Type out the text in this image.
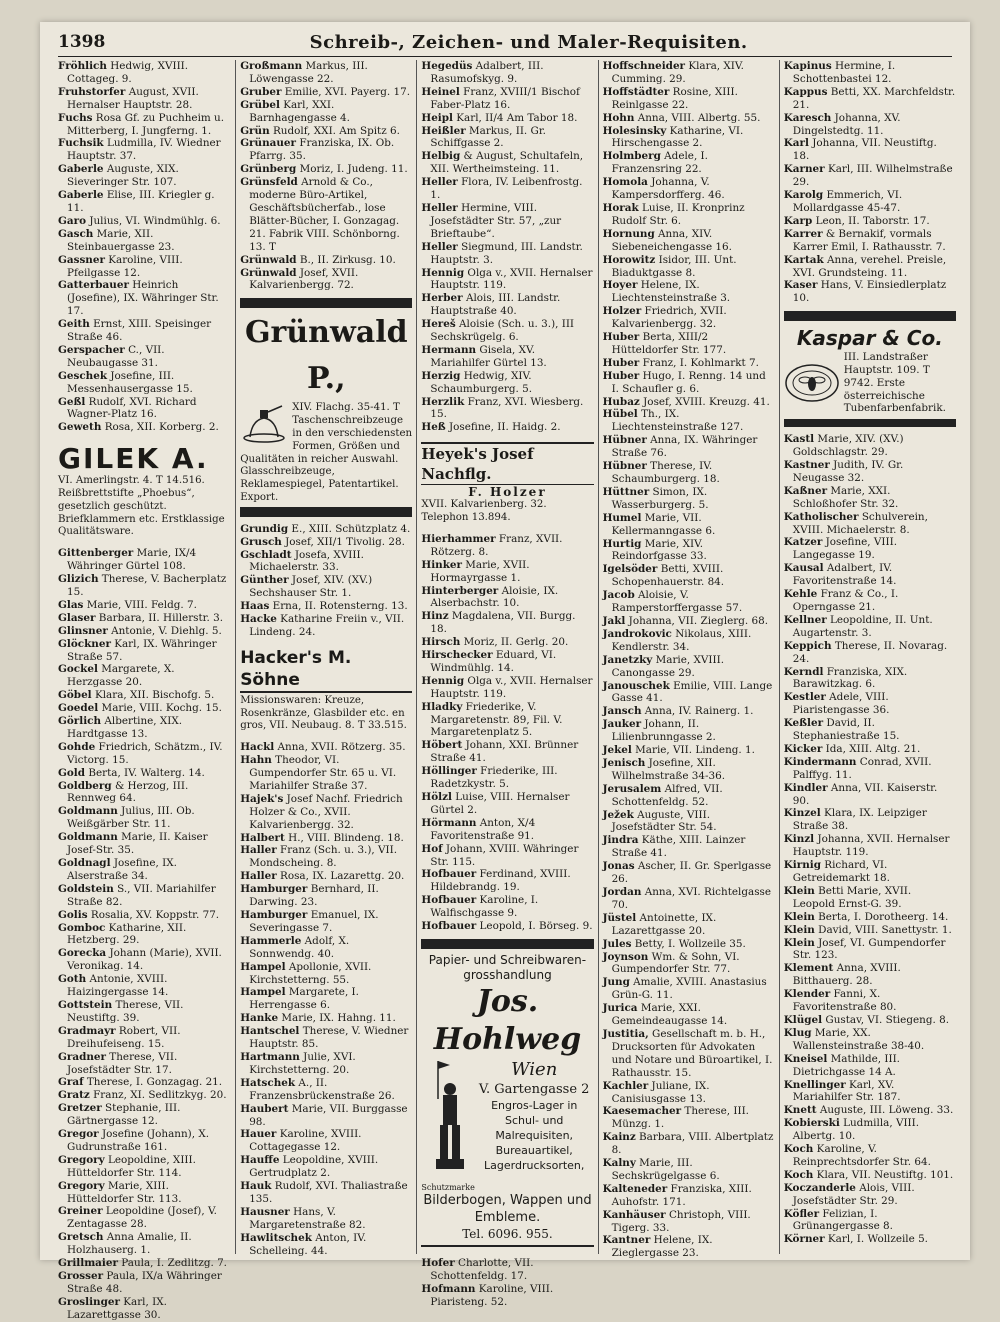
1398	Schreib-, Zeichen- und Maler-Requisiten.

Fröhlich Hedwig, XVIII. Cottageg. 9.

Fruhstorfer August, XVII. Hernalser Hauptstr. 28.

Fuchs Rosa Gf. zu Puchheim u. Mitterberg, I. Jungferng. 1.

Fuchsik Ludmilla, IV. Wiedner Hauptstr. 37.

Gaberle Auguste, XIX. Sieveringer Str. 107.

Gaberle Elise, III. Kriegler g. 11.

Garo Julius, VI. Windmühlg. 6.

Gasch Marie, XII. Steinbauergasse 23.

Gassner Karoline, VIII. Pfeilgasse 12.

Gatterbauer Heinrich (Josefine), IX. Währinger Str. 17.

Geith Ernst, XIII. Speisinger Straße 46.

Gerspacher C., VII. Neubaugasse 31.

Geschek Josefine, III. Messenhausergasse 15.

Geßl Rudolf, XVI. Richard Wagner-Platz 16.

Geweth Rosa, XII. Korberg. 2.

GILEK A.
VI. Amerlingstr. 4. T 14.516. Reißbrettstifte „Phoebus“, gesetzlich geschützt. Briefklammern etc. Erstklassige Qualitätsware.

Gittenberger Marie, IX/4 Währinger Gürtel 108.

Glizich Therese, V. Bacherplatz 15.

Glas Marie, VIII. Feldg. 7.

Glaser Barbara, II. Hillerstr. 3.

Glinsner Antonie, V. Diehlg. 5.

Glöckner Karl, IX. Währinger Straße 57.

Gockel Margarete, X. Herzgasse 20.

Göbel Klara, XII. Bischofg. 5.

Goedel Marie, VIII. Kochg. 15.

Görlich Albertine, XIX. Hardtgasse 13.

Gohde Friedrich, Schätzm., IV. Victorg. 15.

Gold Berta, IV. Walterg. 14.

Goldberg & Herzog, III. Rennweg 64.

Goldmann Julius, III. Ob. Weißgärber Str. 11.

Goldmann Marie, II. Kaiser Josef-Str. 35.

Goldnagl Josefine, IX. Alserstraße 34.

Goldstein S., VII. Mariahilfer Straße 82.

Golis Rosalia, XV. Koppstr. 77.

Gomboc Katharine, XII. Hetzberg. 29.

Gorecka Johann (Marie), XVII. Veronikag. 14.

Goth Antonie, XVIII. Haizingergasse 14.

Gottstein Therese, VII. Neustiftg. 39.

Gradmayr Robert, VII. Dreihufeiseng. 15.

Gradner Therese, VII. Josefstädter Str. 17.

Graf Therese, I. Gonzagag. 21.

Gratz Franz, XI. Sedlitzkyg. 20.

Gretzer Stephanie, III. Gärtnergasse 12.

Gregor Josefine (Johann), X. Gudrunstraße 161.

Gregory Leopoldine, XIII. Hütteldorfer Str. 114.

Gregory Marie, XIII. Hütteldorfer Str. 113.

Greiner Leopoldine (Josef), V. Zentagasse 28.

Gretsch Anna Amalie, II. Holzhauserg. 1.

Grillmaier Paula, I. Zedlitzg. 7.

Grosser Paula, IX/a Währinger Straße 48.

Groslinger Karl, IX. Lazarettgasse 30.

Großmann Markus, III. Löwengasse 22.

Gruber Emilie, XVI. Payerg. 17.

Grübel Karl, XXI. Barnhagengasse 4.

Grün Rudolf, XXI. Am Spitz 6.

Grünauer Franziska, IX. Ob. Pfarrg. 35.

Grünberg Moriz, I. Judeng. 11.

Grünsfeld Arnold & Co., moderne Büro-Artikel, Geschäftsbücherfab., lose Blätter-Bücher, I. Gonzagag. 21. Fabrik VIII. Schönborng. 13. T

Grünwald B., II. Zirkusg. 10.

Grünwald Josef, XVII. Kalvarienbergg. 72.

Grünwald P.,
XIV. Flachg. 35-41. T Taschenschreibzeuge in den verschiedensten Formen, Größen und Qualitäten in reicher Auswahl. Glasschreibzeuge, Reklamespiegel, Patentartikel. Export.

Grundig E., XIII. Schützplatz 4.

Grusch Josef, XII/1 Tivolig. 28.

Gschladt Josefa, XVIII. Michaelerstr. 33.

Günther Josef, XIV. (XV.) Sechshauser Str. 1.

Haas Erna, II. Rotensterng. 13.

Hacke Katharine Freiin v., VII. Lindeng. 24.

Hacker's M. Söhne
Missionswaren: Kreuze, Rosenkränze, Glasbilder etc. en gros, VII. Neubaug. 8. T 33.515.

Hackl Anna, XVII. Rötzerg. 35.

Hahn Theodor, VI. Gumpendorfer Str. 65 u. VI. Mariahilfer Straße 37.

Hajek's Josef Nachf. Friedrich Holzer & Co., XVII. Kalvarienbergg. 32.

Halbert H., VIII. Blindeng. 18.

Haller Franz (Sch. u. 3.), VII. Mondscheing. 8.

Haller Rosa, IX. Lazarettg. 20.

Hamburger Bernhard, II. Darwing. 23.

Hamburger Emanuel, IX. Severingasse 7.

Hammerle Adolf, X. Sonnwendg. 40.

Hampel Apollonie, XVII. Kirchstetterng. 55.

Hampel Margarete, I. Herrengasse 6.

Hanke Marie, IX. Hahng. 11.

Hantschel Therese, V. Wiedner Hauptstr. 85.

Hartmann Julie, XVI. Kirchstetterng. 20.

Hatschek A., II. Franzensbrückenstraße 26.

Haubert Marie, VII. Burggasse 98.

Hauer Karoline, XVIII. Cottagegasse 12.

Hauffe Leopoldine, XVIII. Gertrudplatz 2.

Hauk Rudolf, XVI. Thaliastraße 135.

Hausner Hans, V. Margaretenstraße 82.

Hawlitschek Anton, IV. Schelleing. 44.

Hegedüs Adalbert, III. Rasumofskyg. 9.

Heinel Franz, XVIII/1 Bischof Faber-Platz 16.

Heipl Karl, II/4 Am Tabor 18.

Heißler Markus, II. Gr. Schiffgasse 2.

Helbig & August, Schultafeln, XII. Wertheimsteing. 11.

Heller Flora, IV. Leibenfrostg. 1.

Heller Hermine, VIII. Josefstädter Str. 57, „zur Brieftaube“.

Heller Siegmund, III. Landstr. Hauptstr. 3.

Hennig Olga v., XVII. Hernalser Hauptstr. 119.

Herber Alois, III. Landstr. Hauptstraße 40.

Hereš Aloisie (Sch. u. 3.), III Sechskrügelg. 6.

Hermann Gisela, XV. Mariahilfer Gürtel 13.

Herzig Hedwig, XIV. Schaumburgerg. 5.

Herzlik Franz, XVI. Wiesberg. 15.

Heß Josefine, II. Haidg. 2.

Heyek's Josef Nachflg.
F. Holzer
XVII. Kalvarienberg. 32. Telephon 13.894.

Hierhammer Franz, XVII. Rötzerg. 8.

Hinker Marie, XVII. Hormayrgasse 1.

Hinterberger Aloisie, IX. Alserbachstr. 10.

Hinz Magdalena, VII. Burgg. 18.

Hirsch Moriz, II. Gerlg. 20.

Hirschecker Eduard, VI. Windmühlg. 14.

Hennig Olga v., XVII. Hernalser Hauptstr. 119.

Hladky Friederike, V. Margaretenstr. 89, Fil. V. Margaretenplatz 5.

Höbert Johann, XXI. Brünner Straße 41.

Höllinger Friederike, III. Radetzkystr. 5.

Hölzl Luise, VIII. Hernalser Gürtel 2.

Hörmann Anton, X/4 Favoritenstraße 91.

Hof Johann, XVIII. Währinger Str. 115.

Hofbauer Ferdinand, XVIII. Hildebrandg. 19.

Hofbauer Karoline, I. Walfischgasse 9.

Hofbauer Leopold, I. Börseg. 9.

Papier- und Schreibwaren-grosshandlung
Jos. Hohlweg
Schutzmarke
Wien
V. Gartengasse 2
Engros-Lager in Schul- und Malrequisiten, Bureauartikel, Lagerdrucksorten,
Bilderbogen, Wappen und Embleme.
Tel. 6096. 955.

Hofer Charlotte, VII. Schottenfeldg. 17.

Hofmann Karoline, VIII. Piaristeng. 52.

Hoffschneider Klara, XIV. Cumming. 29.

Hoffstädter Rosine, XIII. Reinlgasse 22.

Hohn Anna, VIII. Albertg. 55.

Holesinsky Katharine, VI. Hirschengasse 2.

Holmberg Adele, I. Franzensring 22.

Homola Johanna, V. Kampersdorfferg. 46.

Horak Luise, II. Kronprinz Rudolf Str. 6.

Hornung Anna, XIV. Siebeneichengasse 16.

Horowitz Isidor, III. Unt. Biaduktgasse 8.

Hoyer Helene, IX. Liechtensteinstraße 3.

Holzer Friedrich, XVII. Kalvarienbergg. 32.

Huber Berta, XIII/2 Hütteldorfer Str. 177.

Huber Franz, I. Kohlmarkt 7.

Huber Hugo, I. Renng. 14 und I. Schaufler g. 6.

Hubaz Josef, XVIII. Kreuzg. 41.

Hübel Th., IX. Liechtensteinstraße 127.

Hübner Anna, IX. Währinger Straße 76.

Hübner Therese, IV. Schaumburgerg. 18.

Hüttner Simon, IX. Wasserburgerg. 5.

Humel Marie, VII. Kellermanngasse 6.

Hurtig Marie, XIV. Reindorfgasse 33.

Igelsöder Betti, XVIII. Schopenhauerstr. 84.

Jacob Aloisie, V. Ramperstorffergasse 57.

Jakl Johanna, VII. Zieglerg. 68.

Jandrokovic Nikolaus, XIII. Kendlerstr. 34.

Janetzky Marie, XVIII. Canongasse 29.

Janouschek Emilie, VIII. Lange Gasse 41.

Jansch Anna, IV. Rainerg. 1.

Jauker Johann, II. Lilienbrunngasse 2.

Jekel Marie, VII. Lindeng. 1.

Jenisch Josefine, XII. Wilhelmstraße 34-36.

Jerusalem Alfred, VII. Schottenfeldg. 52.

Ježek Auguste, VIII. Josefstädter Str. 54.

Jindra Käthe, XIII. Lainzer Straße 41.

Jonas Ascher, II. Gr. Sperlgasse 26.

Jordan Anna, XVI. Richtelgasse 70.

Jüstel Antoinette, IX. Lazarettgasse 20.

Jules Betty, I. Wollzeile 35.

Joynson Wm. & Sohn, VI. Gumpendorfer Str. 77.

Jung Amalie, XVIII. Anastasius Grün-G. 11.

Jurica Marie, XXI. Gemeindeaugasse 14.

Justitia, Gesellschaft m. b. H., Drucksorten für Advokaten und Notare und Büroartikel, I. Rathausstr. 15.

Kachler Juliane, IX. Canisiusgasse 13.

Kaesemacher Therese, III. Münzg. 1.

Kainz Barbara, VIII. Albertplatz 8.

Kalny Marie, III. Sechskrügelgasse 6.

Kalteneder Franziska, XIII. Auhofstr. 171.

Kanhäuser Christoph, VIII. Tigerg. 33.

Kantner Helene, IX. Zieglergasse 23.

Kapinus Hermine, I. Schottenbastei 12.

Kappus Betti, XX. Marchfeldstr. 21.

Karesch Johanna, XV. Dingelstedtg. 11.

Karl Johanna, VII. Neustiftg. 18.

Karner Karl, III. Wilhelmstraße 29.

Karolg Emmerich, VI. Mollardgasse 45-47.

Karp Leon, II. Taborstr. 17.

Karrer & Bernakif, vormals Karrer Emil, I. Rathausstr. 7.

Kartak Anna, verehel. Preisle, XVI. Grundsteing. 11.

Kaser Hans, V. Einsiedlerplatz 10.

Kaspar & Co.
III. Landstraßer Hauptstr. 109. T 9742. Erste österreichische Tubenfarbenfabrik.

Kastl Marie, XIV. (XV.) Goldschlagstr. 29.

Kastner Judith, IV. Gr. Neugasse 32.

Kaßner Marie, XXI. Schloßhofer Str. 32.

Katholischer Schulverein, XVIII. Michaelerstr. 8.

Katzer Josefine, VIII. Langegasse 19.

Kausal Adalbert, IV. Favoritenstraße 14.

Kehle Franz & Co., I. Operngasse 21.

Kellner Leopoldine, II. Unt. Augartenstr. 3.

Keppich Therese, II. Novarag. 24.

Kerndl Franziska, XIX. Barawitzkag. 6.

Kestler Adele, VIII. Piaristengasse 36.

Keßler David, II. Stephaniestraße 15.

Kicker Ida, XIII. Altg. 21.

Kindermann Conrad, XVII. Palffyg. 11.

Kindler Anna, VII. Kaiserstr. 90.

Kinzel Klara, IX. Leipziger Straße 38.

Kinzl Johanna, XVII. Hernalser Hauptstr. 119.

Kirnig Richard, VI. Getreidemarkt 18.

Klein Betti Marie, XVII. Leopold Ernst-G. 39.

Klein Berta, I. Dorotheerg. 14.

Klein David, VIII. Sanettystr. 1.

Klein Josef, VI. Gumpendorfer Str. 123.

Klement Anna, XVIII. Bitthauerg. 28.

Klender Fanni, X. Favoritenstraße 80.

Klügel Gustav, VI. Stiegeng. 8.

Klug Marie, XX. Wallensteinstraße 38-40.

Kneisel Mathilde, III. Dietrichgasse 14 A.

Knellinger Karl, XV. Mariahilfer Str. 187.

Knett Auguste, III. Löweng. 33.

Kobierski Ludmilla, VIII. Albertg. 10.

Koch Karoline, V. Reinprechtsdorfer Str. 64.

Koch Klara, VII. Neustiftg. 101.

Koczanderle Alois, VIII. Josefstädter Str. 29.

Köfler Felizian, I. Grünangergasse 8.

Körner Karl, I. Wollzeile 5.
